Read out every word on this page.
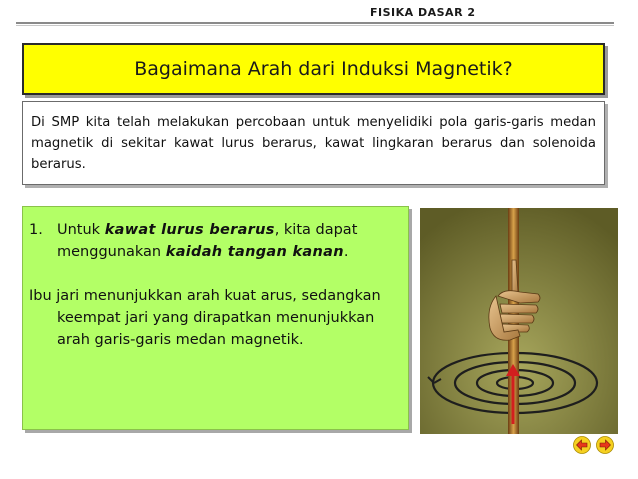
FISIKA DASAR 2
Bagaimana Arah dari Induksi Magnetik?
Di SMP kita telah melakukan percobaan untuk menyelidiki pola garis-garis medan magnetik di sekitar kawat lurus berarus, kawat lingkaran berarus dan solenoida berarus.
1. Untuk kawat lurus berarus, kita dapat menggunakan kaidah tangan kanan.
Ibu jari menunjukkan arah kuat arus, sedangkan keempat jari yang dirapatkan menunjukkan arah garis-garis medan magnetik.
